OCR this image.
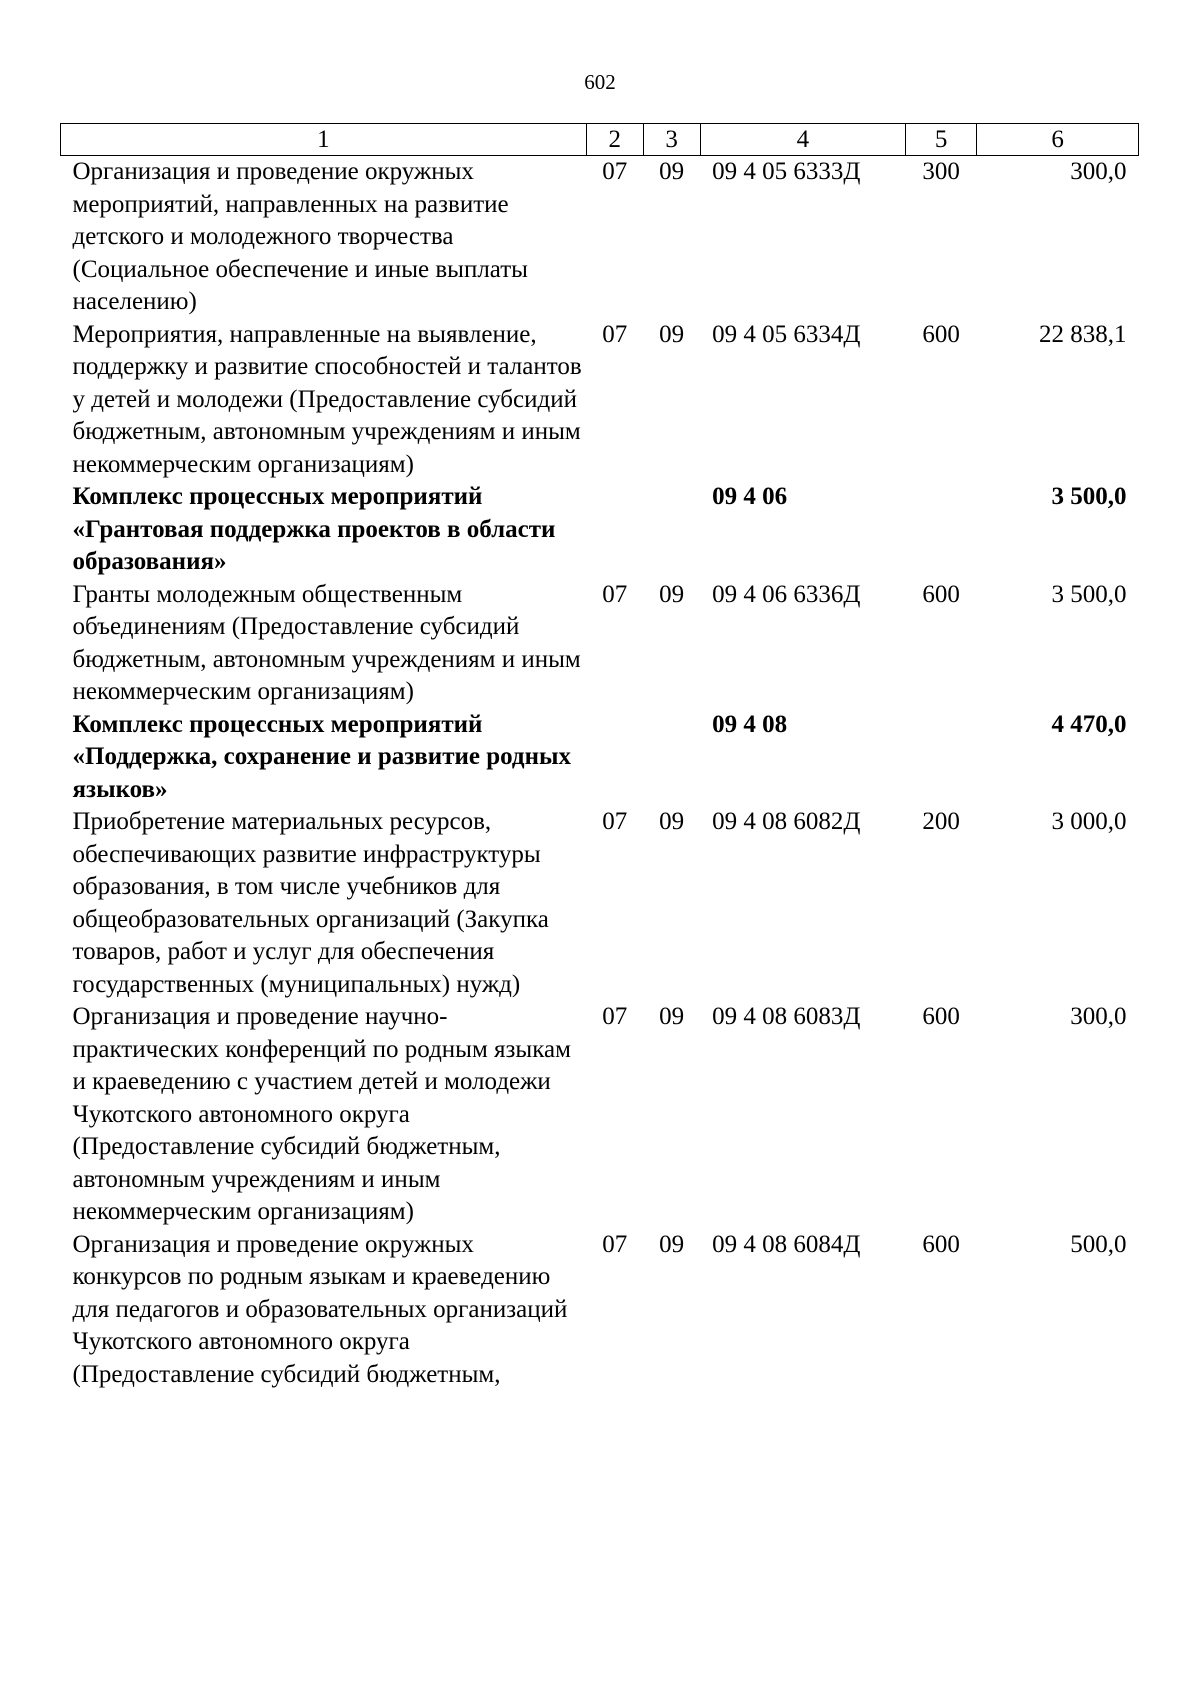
602
1	2	3	4	5	6
Организация и проведение окружных мероприятий, направленных на развитие детского и молодежного творчества (Социальное обеспечение и иные выплаты населению)	07	09	09 4 05 6333Д	300	300,0
Мероприятия, направленные на выявление, поддержку и развитие способностей и талантов у детей и молодежи (Предоставление субсидий бюджетным, автономным учреждениям и иным некоммерческим организациям)	07	09	09 4 05 6334Д	600	22 838,1
Комплекс процессных мероприятий «Грантовая поддержка проектов в области образования»			09 4 06		3 500,0
Гранты молодежным общественным объединениям (Предоставление субсидий бюджетным, автономным учреждениям и иным некоммерческим организациям)	07	09	09 4 06 6336Д	600	3 500,0
Комплекс процессных мероприятий «Поддержка, сохранение и развитие родных языков»			09 4 08		4 470,0
Приобретение материальных ресурсов, обеспечивающих развитие инфраструктуры образования, в том числе учебников для общеобразовательных организаций (Закупка товаров, работ и услуг для обеспечения государственных (муниципальных) нужд)	07	09	09 4 08 6082Д	200	3 000,0
Организация и проведение научно-практических конференций по родным языкам и краеведению с участием детей и молодежи Чукотского автономного округа (Предоставление субсидий бюджетным, автономным учреждениям и иным некоммерческим организациям)	07	09	09 4 08 6083Д	600	300,0
Организация и проведение окружных конкурсов по родным языкам и краеведению для педагогов и образовательных организаций Чукотского автономного округа (Предоставление субсидий бюджетным,	07	09	09 4 08 6084Д	600	500,0
